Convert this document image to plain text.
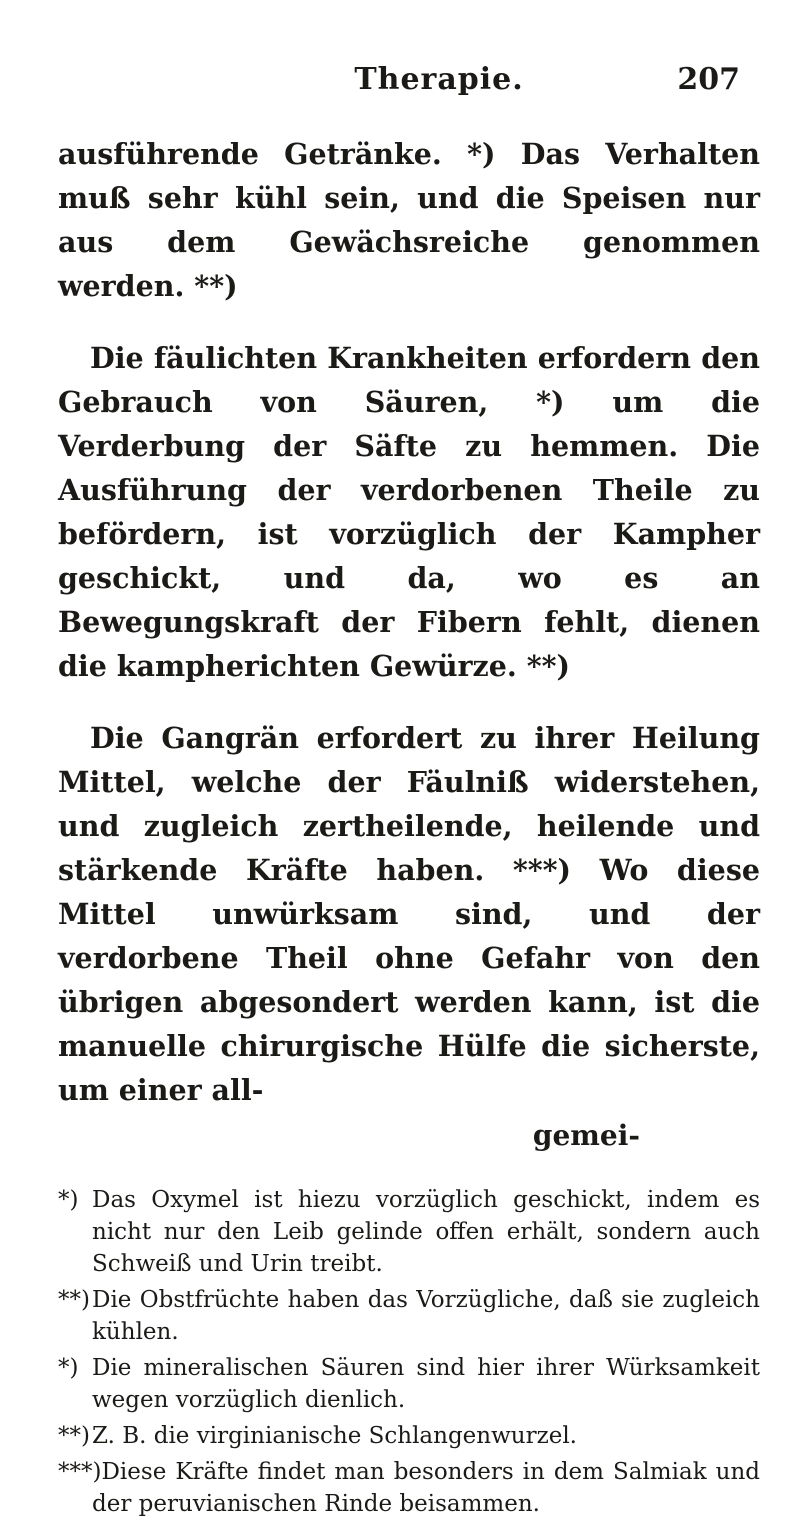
Therapie.	207

ausführende Getränke. *) Das Verhalten muß sehr kühl sein, und die Speisen nur aus dem Gewächsreiche genommen werden. **)

Die fäulichten Krankheiten erfordern den Gebrauch von Säuren, *) um die Verderbung der Säfte zu hemmen. Die Ausführung der verdorbenen Theile zu befördern, ist vorzüglich der Kampher geschickt, und da, wo es an Bewegungskraft der Fibern fehlt, dienen die kampherichten Gewürze. **)

Die Gangrän erfordert zu ihrer Heilung Mittel, welche der Fäulniß widerstehen, und zugleich zertheilende, heilende und stärkende Kräfte haben. ***) Wo diese Mittel unwürksam sind, und der verdorbene Theil ohne Gefahr von den übrigen abgesondert werden kann, ist die manuelle chirurgische Hülfe die sicherste, um einer all-

gemei-

*) Das Oxymel ist hiezu vorzüglich geschickt, indem es nicht nur den Leib gelinde offen erhält, sondern auch Schweiß und Urin treibt.

**)Die Obstfrüchte haben das Vorzügliche, daß sie zugleich kühlen.

*) Die mineralischen Säuren sind hier ihrer Würksamkeit wegen vorzüglich dienlich.

**)Z. B. die virginianische Schlangenwurzel.

***)Diese Kräfte findet man besonders in dem Salmiak und der peruvianischen Rinde beisammen.
